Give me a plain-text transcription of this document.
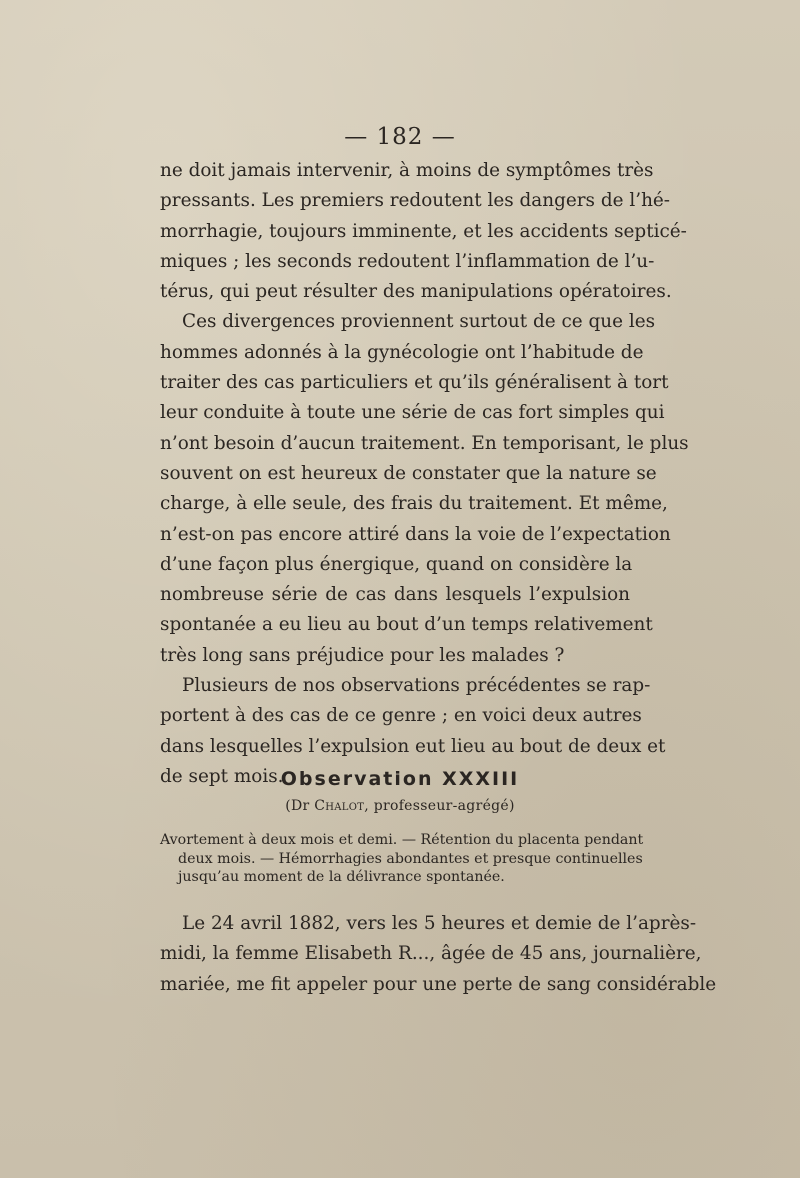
— 182 —
ne doit jamais intervenir, à moins de symptômes très
pressants. Les premiers redoutent les dangers de l’hé-
morrhagie, toujours imminente, et les accidents septicé-
miques ; les seconds redoutent l’inflammation de l’u-
térus, qui peut résulter des manipulations opératoires.
Ces divergences proviennent surtout de ce que les
hommes adonnés à la gynécologie ont l’habitude de
traiter des cas particuliers et qu’ils généralisent à tort
leur conduite à toute une série de cas fort simples qui
n’ont besoin d’aucun traitement. En temporisant, le plus
souvent on est heureux de constater que la nature se
charge, à elle seule, des frais du traitement. Et même,
n’est-on pas encore attiré dans la voie de l’expectation
d’une façon plus énergique, quand on considère la
nombreuse série de cas dans lesquels l’expulsion
spontanée a eu lieu au bout d’un temps relativement
très long sans préjudice pour les malades ?
Plusieurs de nos observations précédentes se rap-
portent à des cas de ce genre ; en voici deux autres
dans lesquelles l’expulsion eut lieu au bout de deux et
de sept mois.
Observation XXXIII
(Dr Chalot, professeur-agrégé)
Avortement à deux mois et demi. — Rétention du placenta pendant
deux mois. — Hémorrhagies abondantes et presque continuelles
jusqu’au moment de la délivrance spontanée.
Le 24 avril 1882, vers les 5 heures et demie de l’après-
midi, la femme Elisabeth R..., âgée de 45 ans, journalière,
mariée, me fit appeler pour une perte de sang considérable
